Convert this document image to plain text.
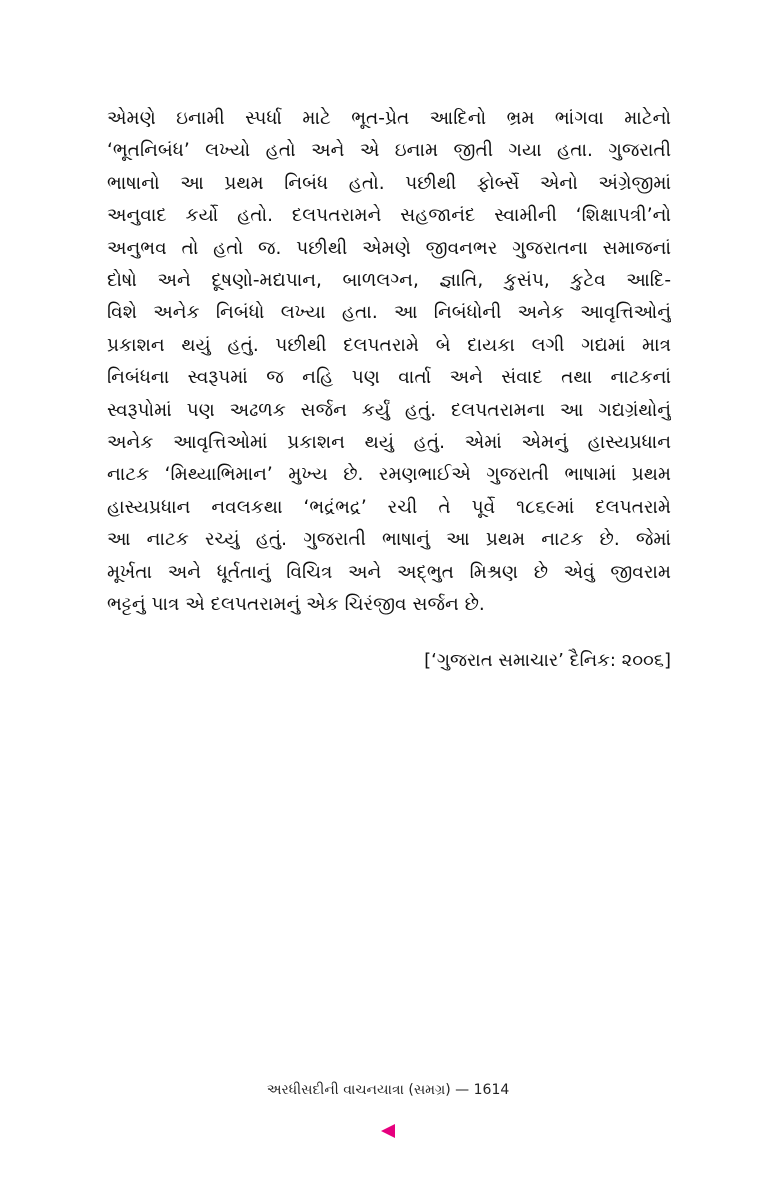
એમણે ઇનામી સ્પર્ધા માટે ભૂત-પ્રેત આદિનો ભ્રમ ભાંગવા માટેનો
‘ભૂતનિબંધ’ લખ્યો હતો અને એ ઇનામ જીતી ગયા હતા. ગુજરાતી
ભાષાનો આ પ્રથમ નિબંધ હતો. પછીથી ફોર્બ્સે એનો અંગ્રેજીમાં
અનુવાદ કર્યો હતો. દલપતરામને સહજાનંદ સ્વામીની ‘શિક્ષાપત્રી’નો
અનુભવ તો હતો જ. પછીથી એમણે જીવનભર ગુજરાતના સમાજનાં
દોષો અને દૂષણો-મદ્યપાન, બાળલગ્ન, જ્ઞાતિ, કુસંપ, કુટેવ આદિ-
વિશે અનેક નિબંધો લખ્યા હતા. આ નિબંધોની અનેક આવૃત્તિઓનું
પ્રકાશન થયું હતું. પછીથી દલપતરામે બે દાયકા લગી ગદ્યમાં માત્ર
નિબંધના સ્વરૂપમાં જ નહિ પણ વાર્તા અને સંવાદ તથા નાટકનાં
સ્વરૂપોમાં પણ અઢળક સર્જન કર્યું હતું. દલપતરામના આ ગદ્યગ્રંથોનું
અનેક આવૃત્તિઓમાં પ્રકાશન થયું હતું. એમાં એમનું હાસ્યપ્રધાન
નાટક ‘મિથ્યાભિમાન’ મુખ્ય છે. રમણભાઈએ ગુજરાતી ભાષામાં પ્રથમ
હાસ્યપ્રધાન નવલકથા ‘ભદ્રંભદ્ર’ રચી તે પૂર્વે ૧૮૬૯માં દલપતરામે
આ નાટક રચ્યું હતું. ગુજરાતી ભાષાનું આ પ્રથમ નાટક છે. જેમાં
મૂર્ખતા અને ધૂર્તતાનું વિચિત્ર અને અદ્‌ભુત મિશ્રણ છે એવું જીવરામ
ભટ્ટનું પાત્ર એ દલપતરામનું એક ચિરંજીવ સર્જન છે.
[‘ગુજરાત સમાચાર’ દૈનિક: ૨૦૦૬]
અરધીસદીની વાચનયાત્રા (સમગ્ર) — 1614
